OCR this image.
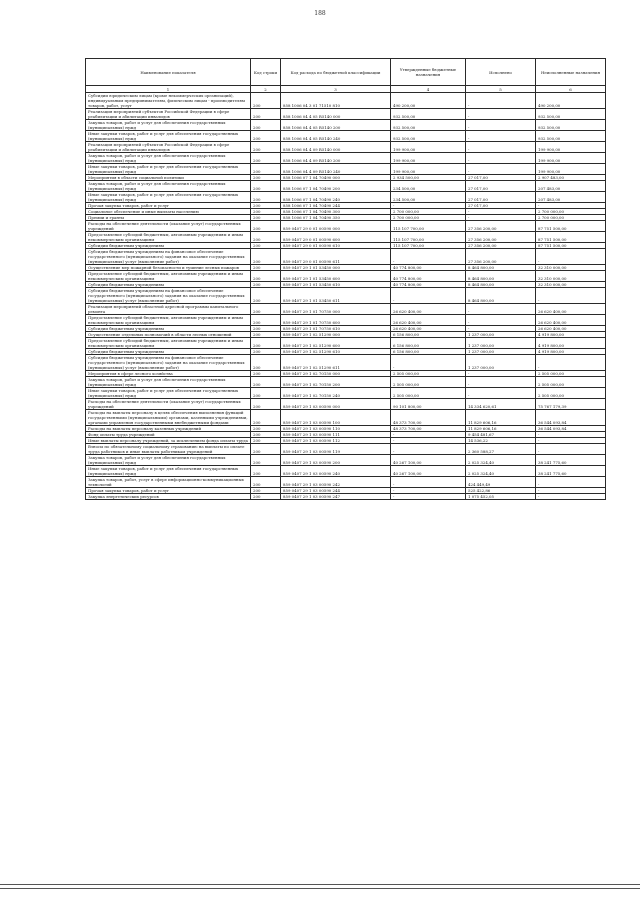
188
Наименование показателя	Код строки	Код расхода по бюджетной классификации	Утвержденные бюджетные назначения	Исполнено	Неисполненные назначения
1	2	3	4	5	6
Субсидии юридическим лицам (кроме некоммерческих организаций), индивидуальным предпринимателям, физическим лицам - производителям товаров, работ, услуг	200	858 1006 04 3 01 71510 810	490 200,00	-	490 200,00
Реализация мероприятий субъектов Российской Федерации в сфере реабилитации и абилитации инвалидов	200	858 1006 04 4 05 R5140 000	932 500,00	-	932 500,00
Закупка товаров, работ и услуг для обеспечения государственных (муниципальных) нужд	200	858 1006 04 4 05 R5140 200	932 500,00	-	932 500,00
Иные закупки товаров, работ и услуг для обеспечения государственных (муниципальных) нужд	200	858 1006 04 4 05 R5140 240	932 500,00	-	932 500,00
Реализация мероприятий субъектов Российской Федерации в сфере реабилитации и абилитации инвалидов	200	858 1006 04 4 09 R5140 000	199 900,00	-	199 900,00
Закупка товаров, работ и услуг для обеспечения государственных (муниципальных) нужд	200	858 1006 04 4 09 R5140 200	199 900,00	-	199 900,00
Иные закупки товаров, работ и услуг для обеспечения государственных (муниципальных) нужд	200	858 1006 04 4 09 R5140 240	199 900,00	-	199 900,00
Мероприятия в области социальной политики	200	858 1006 07 1 04 70490 000	2 934 500,00	27 017,00	2 907 483,00
Закупка товаров, работ и услуг для обеспечения государственных (муниципальных) нужд	200	858 1006 07 1 04 70490 200	234 500,00	27 017,00	207 483,00
Иные закупки товаров, работ и услуг для обеспечения государственных (муниципальных) нужд	200	858 1006 07 1 04 70490 240	234 500,00	27 017,00	207 483,00
Прочая закупка товаров, работ и услуг	200	858 1006 07 1 04 70490 244	-	27 017,00	-
Социальное обеспечение и иные выплаты населению	200	858 1006 07 1 04 70490 300	2 700 000,00	-	2 700 000,00
Премии и гранты	200	858 1006 07 1 04 70490 350	2 700 000,00	-	2 700 000,00
Расходы на обеспечение деятельности (оказание услуг) государственных учреждений	200	859 0407 29 0 01 00590 000	115 107 700,00	27 356 200,00	87 751 500,00
Предоставление субсидий бюджетным, автономным учреждениям и иным некоммерческим организациям	200	859 0407 29 0 01 00590 600	115 107 700,00	27 356 200,00	87 751 500,00
Субсидии бюджетным учреждениям	200	859 0407 29 0 01 00590 610	115 107 700,00	27 356 200,00	87 751 500,00
Субсидии бюджетным учреждениям на финансовое обеспечение государственного (муниципального) задания на оказание государственных (муниципальных) услуг (выполнение работ)	200	859 0407 29 0 01 00590 611	-	27 356 200,00	-
Осуществление мер пожарной безопасности и тушение лесных пожаров	200	859 0407 29 1 01 53450 000	40 774 800,00	8 464 800,00	32 310 000,00
Предоставление субсидий бюджетным, автономным учреждениям и иным некоммерческим организациям	200	859 0407 29 1 01 53450 600	40 774 800,00	8 464 800,00	32 310 000,00
Субсидии бюджетным учреждениям	200	859 0407 29 1 01 53450 610	40 774 800,00	8 464 800,00	32 310 000,00
Субсидии бюджетным учреждениям на финансовое обеспечение государственного (муниципального) задания на оказание государственных (муниципальных) услуг (выполнение работ)	200	859 0407 29 1 01 53450 611	-	8 464 800,00	-
Реализация мероприятий областной адресной программы капитального ремонта	200	859 0407 29 1 01 70750 000	26 620 400,00	-	26 620 400,00
Предоставление субсидий бюджетным, автономным учреждениям и иным некоммерческим организациям	200	859 0407 29 1 01 70750 600	26 620 400,00	-	26 620 400,00
Субсидии бюджетным учреждениям	200	859 0407 29 1 01 70750 610	26 620 400,00	-	26 620 400,00
Осуществление отдельных полномочий в области лесных отношений	200	859 0407 29 1 02 51290 000	6 156 800,00	1 237 000,00	4 919 800,00
Предоставление субсидий бюджетным, автономным учреждениям и иным некоммерческим организациям	200	859 0407 29 1 02 51290 600	6 156 800,00	1 237 000,00	4 919 800,00
Субсидии бюджетным учреждениям	200	859 0407 29 1 02 51290 610	6 156 800,00	1 237 000,00	4 919 800,00
Субсидии бюджетным учреждениям на финансовое обеспечение государственного (муниципального) задания на оказание государственных (муниципальных) услуг (выполнение работ)	200	859 0407 29 1 02 51290 611	-	1 237 000,00	-
Мероприятия в сфере лесного хозяйства	200	859 0407 29 1 02 70150 000	2 505 000,00	-	2 505 000,00
Закупка товаров, работ и услуг для обеспечения государственных (муниципальных) нужд	200	859 0407 29 1 02 70150 200	2 505 000,00	-	2 505 000,00
Иные закупки товаров, работ и услуг для обеспечения государственных (муниципальных) нужд	200	859 0407 29 1 02 70150 240	2 505 000,00	-	2 505 000,00
Расходы на обеспечение деятельности (оказание услуг) государственных учреждений	200	859 0407 29 1 03 00590 000	90 101 800,00	14 334 620,61	75 767 179,39
Расходы на выплаты персоналу в целях обеспечения выполнения функций государственными (муниципальными) органами, казенными учреждениями, органами управления государственными внебюджетными фондами	200	859 0407 29 1 03 00590 100	48 373 700,00	11 829 606,16	36 544 093,84
Расходы на выплаты персоналу казенных учреждений	200	859 0407 29 1 03 00590 110	48 373 700,00	11 829 606,16	36 544 093,84
Фонд оплаты труда учреждений	200	859 0407 29 1 03 00590 111	-	9 454 481,67	-
Иные выплаты персоналу учреждений, за исключением фонда оплаты труда	200	859 0407 29 1 03 00590 112	-	14 536,22	-
Взносы по обязательному социальному страхованию на выплаты по оплате труда работников и иные выплаты работникам учреждений	200	859 0407 29 1 03 00590 119	-	2 360 588,27	-
Закупка товаров, работ и услуг для обеспечения государственных (муниципальных) нужд	200	859 0407 29 1 03 00590 200	40 267 100,00	2 025 324,40	38 241 775,60
Иные закупки товаров, работ и услуг для обеспечения государственных (муниципальных) нужд	200	859 0407 29 1 03 00590 240	40 267 100,00	2 025 324,40	38 241 775,60
Закупка товаров, работ, услуг в сфере информационно-коммуникационных технологий	200	859 0407 29 1 03 00590 242	-	424 449,49	-
Прочая закупка товаров, работ и услуг	200	859 0407 29 1 03 00590 244	-	525 422,86	-
Закупка энергетических ресурсов	200	859 0407 29 1 03 00590 247	-	1 075 452,05	-
